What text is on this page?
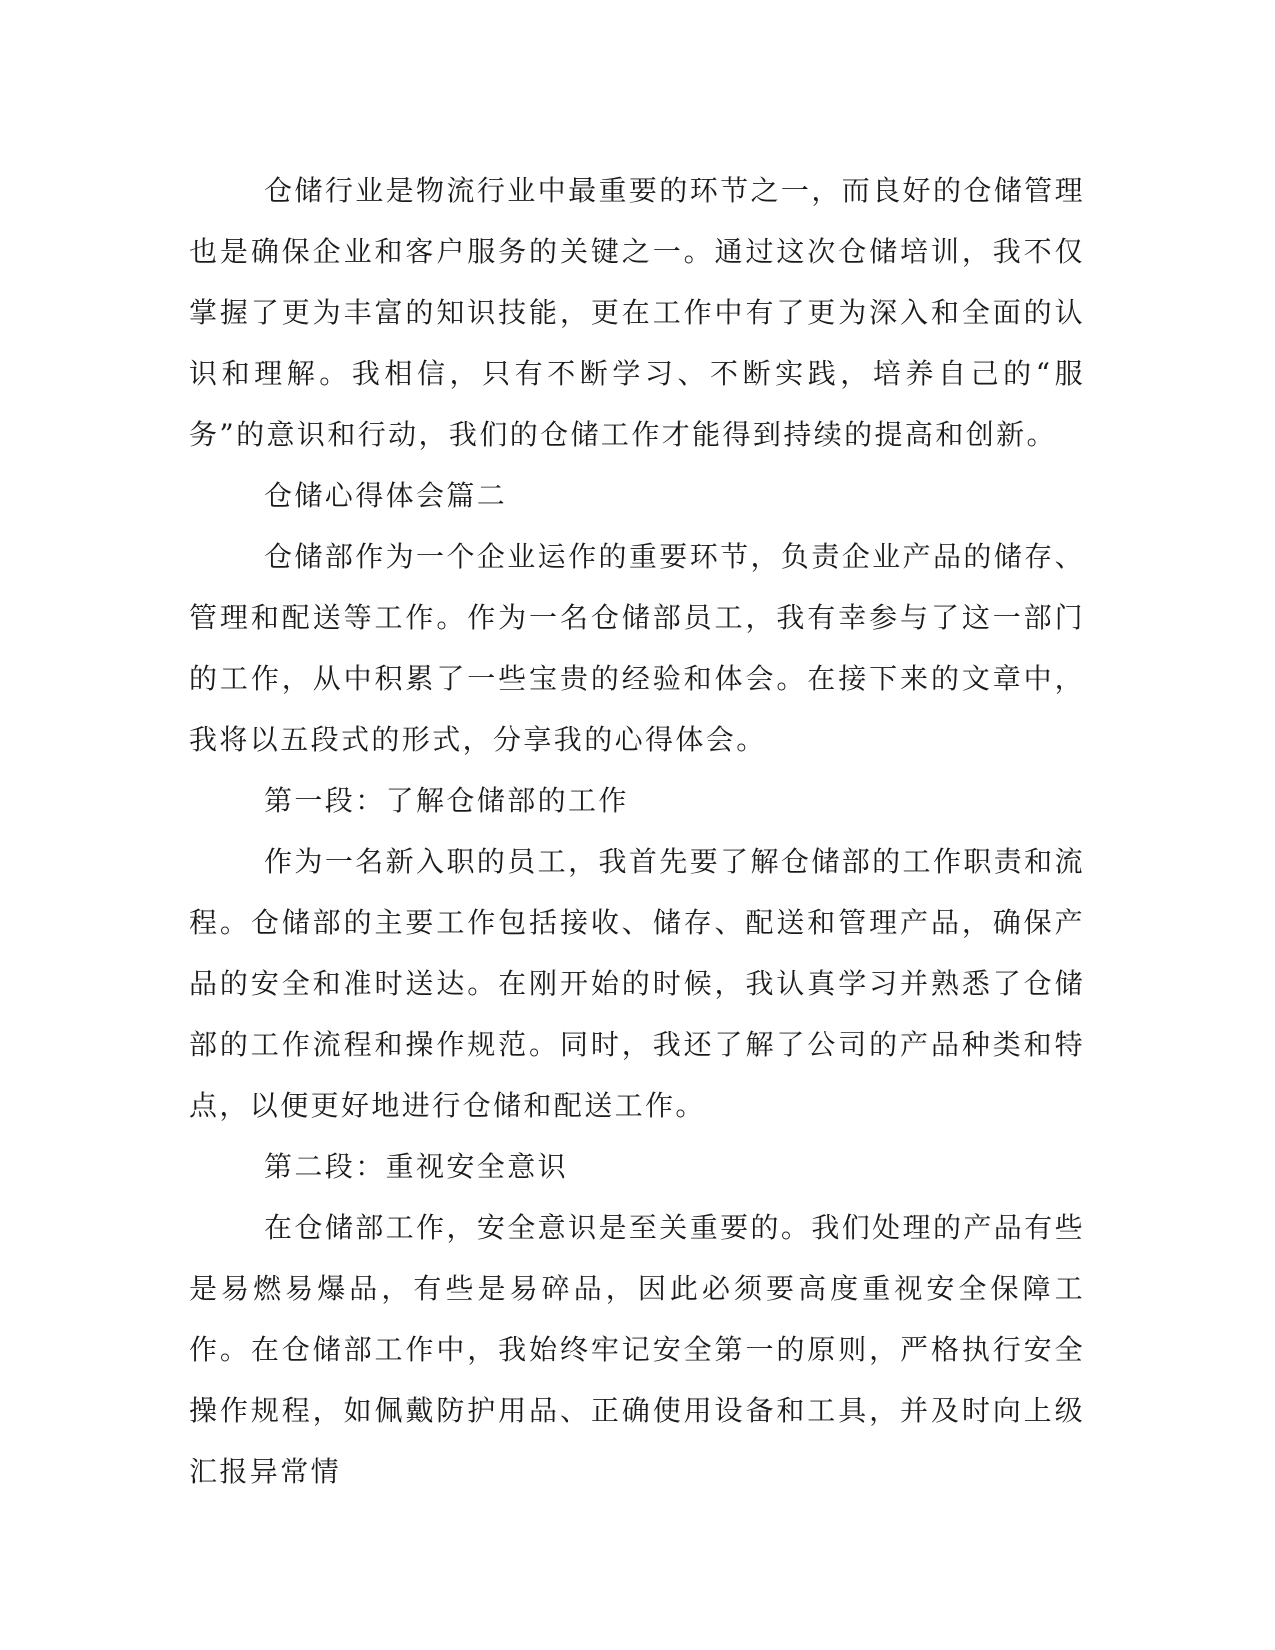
仓储行业是物流行业中最重要的环节之一，而良好的仓储管理也是确保企业和客户服务的关键之一。通过这次仓储培训，我不仅掌握了更为丰富的知识技能，更在工作中有了更为深入和全面的认识和理解。我相信，只有不断学习、不断实践，培养自己的“服务”的意识和行动，我们的仓储工作才能得到持续的提高和创新。

仓储心得体会篇二

仓储部作为一个企业运作的重要环节，负责企业产品的储存、管理和配送等工作。作为一名仓储部员工，我有幸参与了这一部门的工作，从中积累了一些宝贵的经验和体会。在接下来的文章中，我将以五段式的形式，分享我的心得体会。

第一段：了解仓储部的工作

作为一名新入职的员工，我首先要了解仓储部的工作职责和流程。仓储部的主要工作包括接收、储存、配送和管理产品，确保产品的安全和准时送达。在刚开始的时候，我认真学习并熟悉了仓储部的工作流程和操作规范。同时，我还了解了公司的产品种类和特点，以便更好地进行仓储和配送工作。

第二段：重视安全意识

在仓储部工作，安全意识是至关重要的。我们处理的产品有些是易燃易爆品，有些是易碎品，因此必须要高度重视安全保障工作。在仓储部工作中，我始终牢记安全第一的原则，严格执行安全操作规程，如佩戴防护用品、正确使用设备和工具，并及时向上级汇报异常情
